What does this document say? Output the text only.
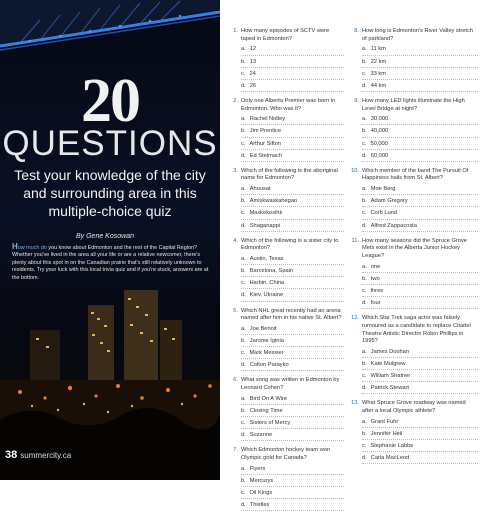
20
QUESTIONS
Test your knowledge of the city and surrounding area in this multiple-choice quiz
By Gene Kosowan
How much do you know about Edmonton and the rest of the Capital Region? Whether you've lived in the area all your life or are a relative newcomer, there's plenty about this spot in on the Canadian prairie that's still relatively unknown to residents. Try your luck with this local trivia quiz and if you're stuck, answers are at the bottom.
38 summercity.ca
1. How many episodes of SCTV were taped in Edmonton?
a. 12
b. 13
c. 24
d. 26
2. Only one Alberta Premier was born in Edmonton. Who was it?
a. Rachel Notley
b. Jim Prentice
c. Arthur Sifton
d. Ed Stelmach
3. Which of the following is the aboriginal name for Edmonton?
a. Ahousat
b. Amiskwaskahegan
c. Maskekosihk
d. Shaganappi
4. Which of the following is a sister city to Edmonton?
a. Austin, Texas
b. Barcelona, Spain
c. Harbin, China
d. Kiev, Ukraine
5. Which NHL great recently had an arena named after him in his native St. Albert?
a. Joe Benoit
b. Jarome Iginla
c. Mark Messier
d. Colton Parayko
6. What song was written in Edmonton by Leonard Cohen?
a. Bird On A Wire
b. Closing Time
c. Sisters of Mercy
d. Suzanne
7. Which Edmonton hockey team won Olympic gold for Canada?
a. Flyers
b. Mercurys
c. Oil Kings
d. Thistles
8. How long is Edmonton's River Valley stretch of parkland?
a. 11 km
b. 22 km
c. 33 km
d. 44 km
9. How many LED lights illuminate the High Level Bridge at night?
a. 30,000
b. 40,000
c. 50,000
d. 60,000
10. Which member of the band The Pursuit Of Happiness hails from St. Albert?
a. Moe Berg
b. Adam Gregory
c. Corb Lund
d. Alfred Zappacosta
11. How many seasons did the Spruce Grove Mets exist in the Alberta Junior Hockey League?
a. one
b. two
c. three
d. four
12. Which Star Trek saga actor was falsely rumoured as a candidate to replace Citadel Theatre Artistic Director Robin Phillips in 1995?
a. James Doohan
b. Kate Mulgrew
c. William Shatner
d. Patrick Stewart
13. What Spruce Grove roadway was named after a local Olympic athlete?
a. Grant Fuhr
b. Jennifer Heil
c. Stephanie Labbe
d. Carla MacLeod
